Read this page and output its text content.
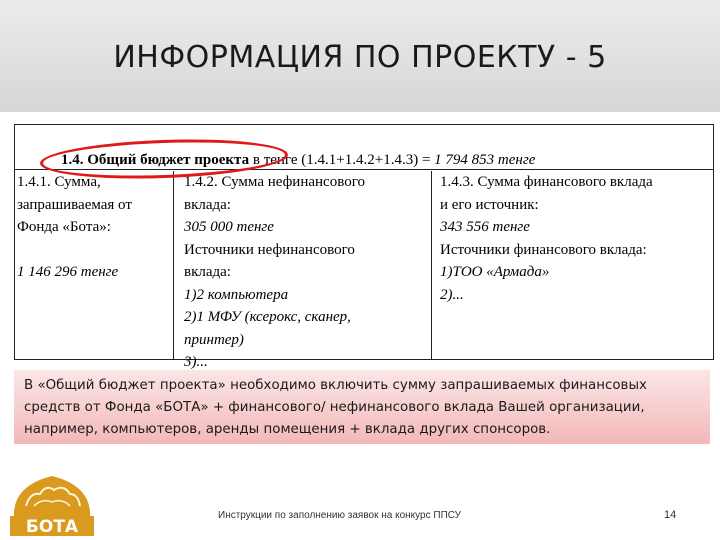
ИНФОРМАЦИЯ ПО ПРОЕКТУ - 5
1.4. Общий бюджет проекта в тенге (1.4.1+1.4.2+1.4.3) = 1 794 853 тенге
1.4.1. Сумма,
запрашиваемая от
Фонда «Бота»:
1 146 296 тенге
1.4.2. Сумма нефинансового
вклада:
305 000 тенге
Источники нефинансового
вклада:
1)2 компьютера
2)1 МФУ (ксерокс, сканер,
принтер)
3)...
1.4.3. Сумма финансового вклада
и его источник:
343 556 тенге
Источники финансового вклада:
1)ТОО «Армада»
2)...
В «Общий бюджет проекта» необходимо включить сумму запрашиваемых финансовых
средств от Фонда «БОТА» + финансового/ нефинансового вклада Вашей организации,
например, компьютеров, аренды помещения + вклада других спонсоров.
БОТА
Инструкции по заполнению заявок на конкурс ППСУ	14
